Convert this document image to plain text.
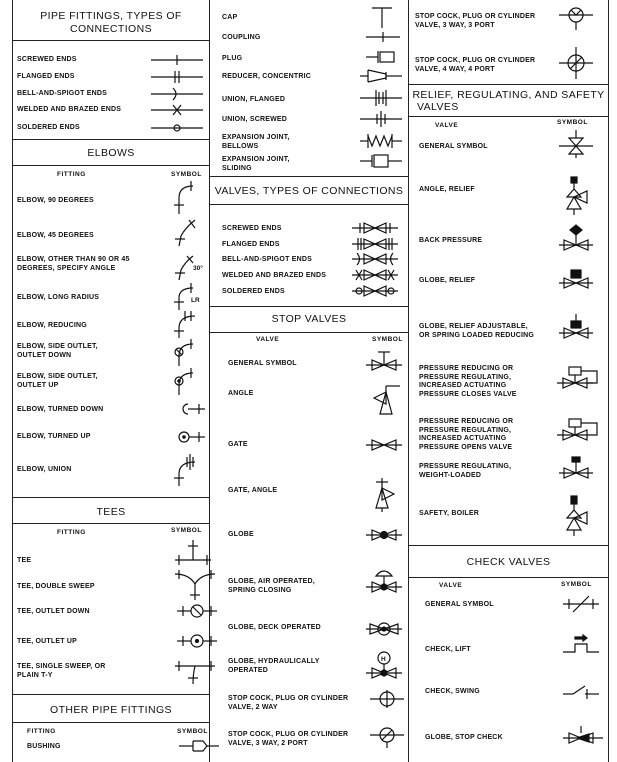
PIPE FITTINGS, TYPES OF
CONNECTIONS
SCREWED ENDS
FLANGED ENDS
BELL-AND-SPIGOT ENDS
WELDED AND BRAZED ENDS
SOLDERED ENDS
ELBOWS
FITTING	SYMBOL
ELBOW, 90 DEGREES
ELBOW, 45 DEGREES
ELBOW, OTHER THAN 90 OR 45
DEGREES, SPECIFY ANGLE	30°
ELBOW, LONG RADIUS	LR
ELBOW, REDUCING
ELBOW, SIDE OUTLET,
OUTLET DOWN
ELBOW, SIDE OUTLET,
OUTLET UP
ELBOW, TURNED DOWN
ELBOW, TURNED UP
ELBOW, UNION
TEES
FITTING	SYMBOL
TEE
TEE, DOUBLE SWEEP
TEE, OUTLET DOWN
TEE, OUTLET UP
TEE, SINGLE SWEEP, OR
PLAIN T-Y
OTHER PIPE FITTINGS
FITTING	SYMBOL
BUSHING
CAP
COUPLING
PLUG
REDUCER, CONCENTRIC
UNION, FLANGED
UNION, SCREWED
EXPANSION JOINT,
BELLOWS
EXPANSION JOINT,
SLIDING
VALVES, TYPES OF CONNECTIONS
SCREWED ENDS
FLANGED ENDS
BELL-AND-SPIGOT ENDS
WELDED AND BRAZED ENDS
SOLDERED ENDS
STOP VALVES
VALVE	SYMBOL
GENERAL SYMBOL
ANGLE
GATE
GATE, ANGLE
GLOBE
GLOBE, AIR OPERATED,
SPRING CLOSING
GLOBE, DECK OPERATED
GLOBE, HYDRAULICALLY
OPERATED
H
STOP COCK, PLUG OR CYLINDER
VALVE, 2 WAY
STOP COCK, PLUG OR CYLINDER
VALVE, 3 WAY, 2 PORT
STOP COCK, PLUG OR CYLINDER
VALVE, 3 WAY, 3 PORT
STOP COCK, PLUG OR CYLINDER
VALVE, 4 WAY, 4 PORT
RELIEF, REGULATING, AND SAFETY
VALVES
VALVE	SYMBOL
GENERAL SYMBOL
ANGLE, RELIEF
BACK PRESSURE
GLOBE, RELIEF
GLOBE, RELIEF ADJUSTABLE,
OR SPRING LOADED REDUCING
PRESSURE REDUCING OR
PRESSURE REGULATING,
INCREASED ACTUATING
PRESSURE CLOSES VALVE
PRESSURE REDUCING OR
PRESSURE REGULATING,
INCREASED ACTUATING
PRESSURE OPENS VALVE
PRESSURE REGULATING,
WEIGHT-LOADED
SAFETY, BOILER
CHECK VALVES
VALVE	SYMBOL
GENERAL SYMBOL
CHECK, LIFT
CHECK, SWING
GLOBE, STOP CHECK
